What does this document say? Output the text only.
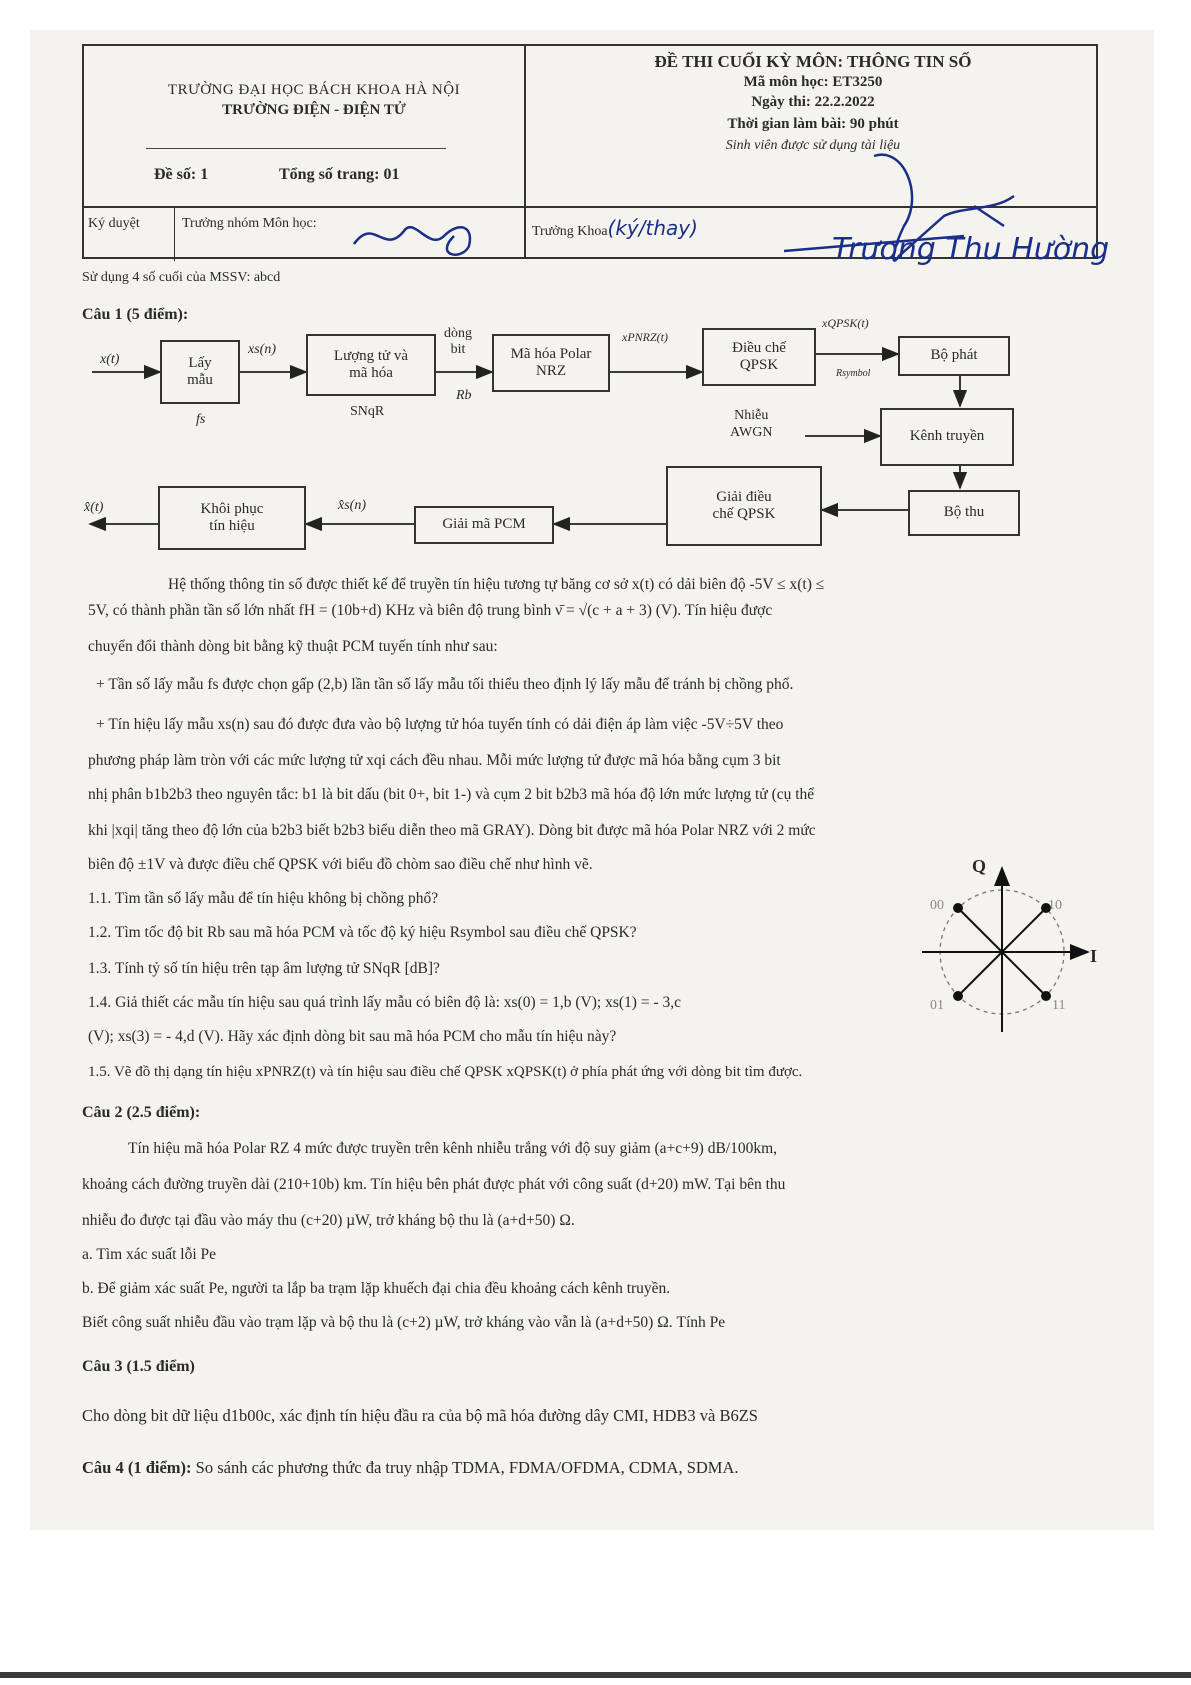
TRƯỜNG ĐẠI HỌC BÁCH KHOA HÀ NỘI
TRƯỜNG ĐIỆN - ĐIỆN TỬ
Đề số: 1	Tổng số trang: 01
ĐỀ THI CUỐI KỲ MÔN: THÔNG TIN SỐ
Mã môn học: ET3250
Ngày thi: 22.2.2022
Thời gian làm bài: 90 phút
Sinh viên được sử dụng tài liệu
Ký duyệt	Trưởng nhóm Môn học:
Trưởng Khoa(ký/thay)
Trương Thu Hường
Sử dụng 4 số cuối của MSSV: abcd
Câu 1 (5 điểm):
x(t)	Lấy
mẫu
fs
xs(n)	Lượng tử và
mã hóa
SNqR
dòng
bit
Rb
Mã hóa Polar
NRZ
xPNRZ(t)
Điều chế
QPSK
xQPSK(t)
Rsymbol
Bộ phát
Nhiễu
AWGN	Kênh truyền
Bộ thu
Giải điều
chế QPSK
Giải mã PCM
x̂s(n)
Khôi phục
tín hiệu
x̂(t)
Hệ thống thông tin số được thiết kế để truyền tín hiệu tương tự băng cơ sở x(t) có dải biên độ -5V ≤ x(t) ≤
5V, có thành phần tần số lớn nhất fH = (10b+d) KHz và biên độ trung bình ν̄ = √(c + a + 3) (V). Tín hiệu được
chuyển đổi thành dòng bit bằng kỹ thuật PCM tuyến tính như sau:
+ Tần số lấy mẫu fs được chọn gấp (2,b) lần tần số lấy mẫu tối thiểu theo định lý lấy mẫu để tránh bị chồng phổ.
+ Tín hiệu lấy mẫu xs(n) sau đó được đưa vào bộ lượng tử hóa tuyến tính có dải điện áp làm việc -5V÷5V theo
phương pháp làm tròn với các mức lượng tử xqi cách đều nhau. Mỗi mức lượng tử được mã hóa bằng cụm 3 bit
nhị phân b1b2b3 theo nguyên tắc: b1 là bit dấu (bit 0+, bit 1-) và cụm 2 bit b2b3 mã hóa độ lớn mức lượng tử (cụ thể
khi |xqi| tăng theo độ lớn của b2b3 biết b2b3 biểu diễn theo mã GRAY). Dòng bit được mã hóa Polar NRZ với 2 mức
biên độ ±1V và được điều chế QPSK với biểu đồ chòm sao điều chế như hình vẽ.
1.1. Tìm tần số lấy mẫu để tín hiệu không bị chồng phổ?
1.2. Tìm tốc độ bit Rb sau mã hóa PCM và tốc độ ký hiệu Rsymbol sau điều chế QPSK?
1.3. Tính tỷ số tín hiệu trên tạp âm lượng tử SNqR [dB]?
1.4. Giả thiết các mẫu tín hiệu sau quá trình lấy mẫu có biên độ là: xs(0) = 1,b (V); xs(1) = - 3,c
(V); xs(3) = - 4,d (V). Hãy xác định dòng bit sau mã hóa PCM cho mẫu tín hiệu này?
1.5. Vẽ đồ thị dạng tín hiệu xPNRZ(t) và tín hiệu sau điều chế QPSK xQPSK(t) ở phía phát ứng với dòng bit tìm được.
Q
I
00	10
01	11
Câu 2 (2.5 điểm):
Tín hiệu mã hóa Polar RZ 4 mức được truyền trên kênh nhiễu trắng với độ suy giảm (a+c+9) dB/100km,
khoảng cách đường truyền dài (210+10b) km. Tín hiệu bên phát được phát với công suất (d+20) mW. Tại bên thu
nhiễu đo được tại đầu vào máy thu (c+20) µW, trở kháng bộ thu là (a+d+50) Ω.
a. Tìm xác suất lỗi Pe
b. Để giảm xác suất Pe, người ta lắp ba trạm lặp khuếch đại chia đều khoảng cách kênh truyền.
Biết công suất nhiễu đầu vào trạm lặp và bộ thu là (c+2) µW, trở kháng vào vẫn là (a+d+50) Ω. Tính Pe
Câu 3 (1.5 điểm)
Cho dòng bit dữ liệu d1b00c, xác định tín hiệu đầu ra của bộ mã hóa đường dây CMI, HDB3 và B6ZS
Câu 4 (1 điểm): So sánh các phương thức đa truy nhập TDMA, FDMA/OFDMA, CDMA, SDMA.
